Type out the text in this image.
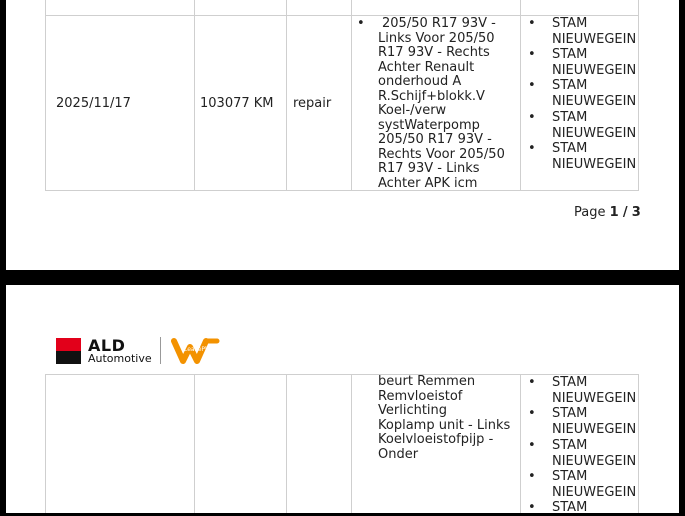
2025/11/17	103077 KM repair
•	205/50 R17 93V -
Links Voor 205/50
R17 93V - Rechts
Achter Renault
onderhoud A
R.Schijf+blokk.V
Koel-/verw
systWaterpomp
205/50 R17 93V -
Rechts Voor 205/50
R17 93V - Links
Achter APK icm
• STAM
NIEUWEGEIN
• STAM
NIEUWEGEIN
• STAM
NIEUWEGEIN
• STAM
NIEUWEGEIN
• STAM
NIEUWEGEIN
Page 1 / 3
ALD
Automotive
LeasePlan
beurt Remmen
Remvloeistof
Verlichting
Koplamp unit - Links
Koelvloeistofpijp -
Onder
• STAM
NIEUWEGEIN
• STAM
NIEUWEGEIN
• STAM
NIEUWEGEIN
• STAM
NIEUWEGEIN
• STAM
